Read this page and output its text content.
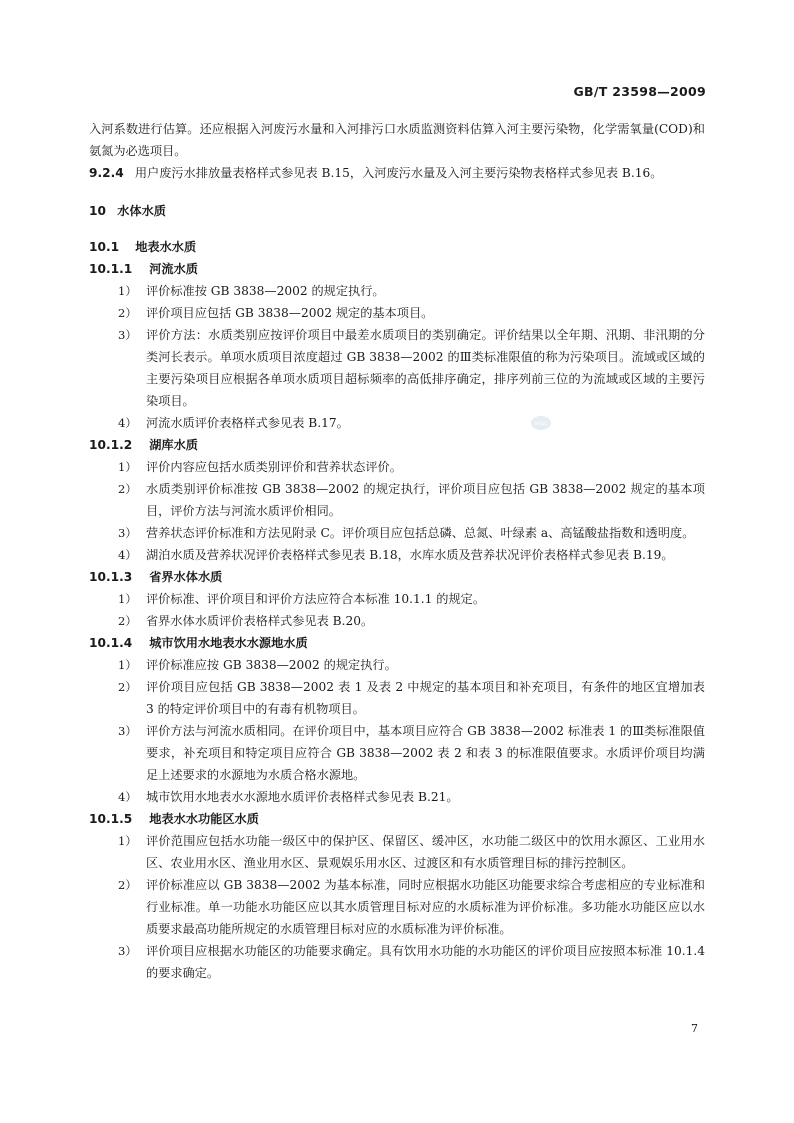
GB/T 23598—2009
SRAC

入河系数进行估算。还应根据入河废污水量和入河排污口水质监测资料估算入河主要污染物，化学需氧量(COD)和氨氮为必选项目。

9.2.4 用户废污水排放量表格样式参见表 B.15，入河废污水量及入河主要污染物表格样式参见表 B.16。

10 水体水质
10.1 地表水水质
10.1.1 河流水质
1） 评价标准按 GB 3838—2002 的规定执行。
2） 评价项目应包括 GB 3838—2002 规定的基本项目。
3） 评价方法：水质类别应按评价项目中最差水质项目的类别确定。评价结果以全年期、汛期、非汛期的分类河长表示。单项水质项目浓度超过 GB 3838—2002 的Ⅲ类标准限值的称为污染项目。流域或区域的主要污染项目应根据各单项水质项目超标频率的高低排序确定，排序列前三位的为流域或区域的主要污染项目。
4） 河流水质评价表格样式参见表 B.17。
10.1.2 湖库水质
1） 评价内容应包括水质类别评价和营养状态评价。
2） 水质类别评价标准按 GB 3838—2002 的规定执行，评价项目应包括 GB 3838—2002 规定的基本项目，评价方法与河流水质评价相同。
3） 营养状态评价标准和方法见附录 C。评价项目应包括总磷、总氮、叶绿素 a、高锰酸盐指数和透明度。
4） 湖泊水质及营养状况评价表格样式参见表 B.18，水库水质及营养状况评价表格样式参见表 B.19。
10.1.3 省界水体水质
1） 评价标准、评价项目和评价方法应符合本标准 10.1.1 的规定。
2） 省界水体水质评价表格样式参见表 B.20。
10.1.4 城市饮用水地表水水源地水质
1） 评价标准应按 GB 3838—2002 的规定执行。
2） 评价项目应包括 GB 3838—2002 表 1 及表 2 中规定的基本项目和补充项目，有条件的地区宜增加表 3 的特定评价项目中的有毒有机物项目。
3） 评价方法与河流水质相同。在评价项目中，基本项目应符合 GB 3838—2002 标准表 1 的Ⅲ类标准限值要求，补充项目和特定项目应符合 GB 3838—2002 表 2 和表 3 的标准限值要求。水质评价项目均满足上述要求的水源地为水质合格水源地。
4） 城市饮用水地表水水源地水质评价表格样式参见表 B.21。
10.1.5 地表水水功能区水质
1） 评价范围应包括水功能一级区中的保护区、保留区、缓冲区，水功能二级区中的饮用水源区、工业用水区、农业用水区、渔业用水区、景观娱乐用水区、过渡区和有水质管理目标的排污控制区。
2） 评价标准应以 GB 3838—2002 为基本标准，同时应根据水功能区功能要求综合考虑相应的专业标准和行业标准。单一功能水功能区应以其水质管理目标对应的水质标准为评价标准。多功能水功能区应以水质要求最高功能所规定的水质管理目标对应的水质标准为评价标准。
3） 评价项目应根据水功能区的功能要求确定。具有饮用水功能的水功能区的评价项目应按照本标准 10.1.4 的要求确定。
7
